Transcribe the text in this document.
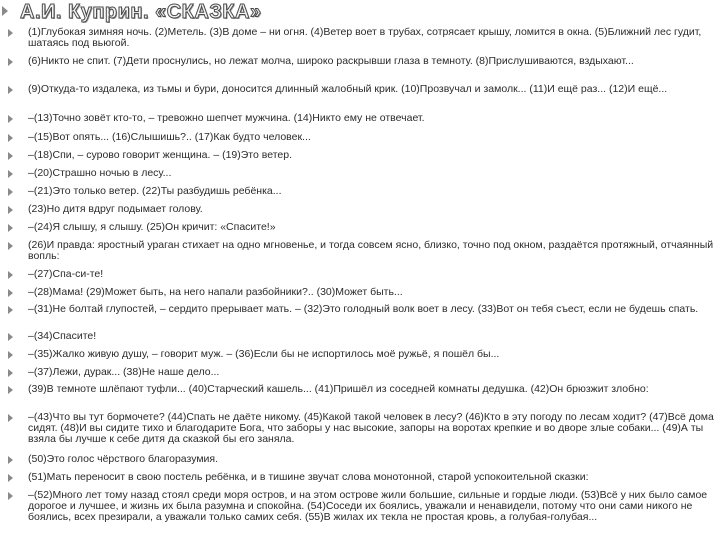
А.И. Куприн. «СКАЗКА»
(1)Глубокая зимняя ночь. (2)Метель. (3)В доме – ни огня. (4)Ветер воет в трубах, сотрясает крышу, ломится в окна. (5)Ближний лес гудит, шатаясь под вьюгой.
(6)Никто не спит. (7)Дети проснулись, но лежат молча, широко раскрывши глаза в темноту. (8)Прислушиваются, вздыхают...
(9)Откуда-то издалека, из тьмы и бури, доносится длинный жалобный крик. (10)Прозвучал и замолк... (11)И ещё раз... (12)И ещё...
–(13)Точно зовёт кто-то, – тревожно шепчет мужчина. (14)Никто ему не отвечает.
–(15)Вот опять... (16)Слышишь?.. (17)Как будто человек...
–(18)Спи, – сурово говорит женщина. – (19)Это ветер.
–(20)Страшно ночью в лесу...
–(21)Это только ветер. (22)Ты разбудишь ребёнка...
(23)Но дитя вдруг подымает голову.
–(24)Я слышу, я слышу. (25)Он кричит: «Спасите!»
(26)И правда: яростный ураган стихает на одно мгновенье, и тогда совсем ясно, близко, точно под окном, раздаётся протяжный, отчаянный вопль:
–(27)Спа-си-те!
–(28)Мама! (29)Может быть, на него напали разбойники?.. (30)Может быть...
–(31)Не болтай глупостей, – сердито прерывает мать. – (32)Это голодный волк воет в лесу. (33)Вот он тебя съест, если не будешь спать.
–(34)Спасите!
–(35)Жалко живую душу, – говорит муж. – (36)Если бы не испортилось моё ружьё, я пошёл бы...
–(37)Лежи, дурак... (38)Не наше дело...
(39)В темноте шлёпают туфли... (40)Старческий кашель... (41)Пришёл из соседней комнаты дедушка. (42)Он брюзжит злобно:
–(43)Что вы тут бормочете? (44)Спать не даёте никому. (45)Какой такой человек в лесу? (46)Кто в эту погоду по лесам ходит? (47)Всё дома сидят. (48)И вы сидите тихо и благодарите Бога, что заборы у нас высокие, запоры на воротах крепкие и во дворе злые собаки... (49)А ты взяла бы лучше к себе дитя да сказкой бы его заняла.
(50)Это голос чёрствого благоразумия.
(51)Мать переносит в свою постель ребёнка, и в тишине звучат слова монотонной, старой успокоительной сказки:
–(52)Много лет тому назад стоял среди моря остров, и на этом острове жили большие, сильные и гордые люди. (53)Всё у них было самое дорогое и лучшее, и жизнь их была разумна и спокойна. (54)Соседи их боялись, уважали и ненавидели, потому что они сами никого не боялись, всех презирали, а уважали только самих себя. (55)В жилах их текла не простая кровь, а голубая-голубая...
